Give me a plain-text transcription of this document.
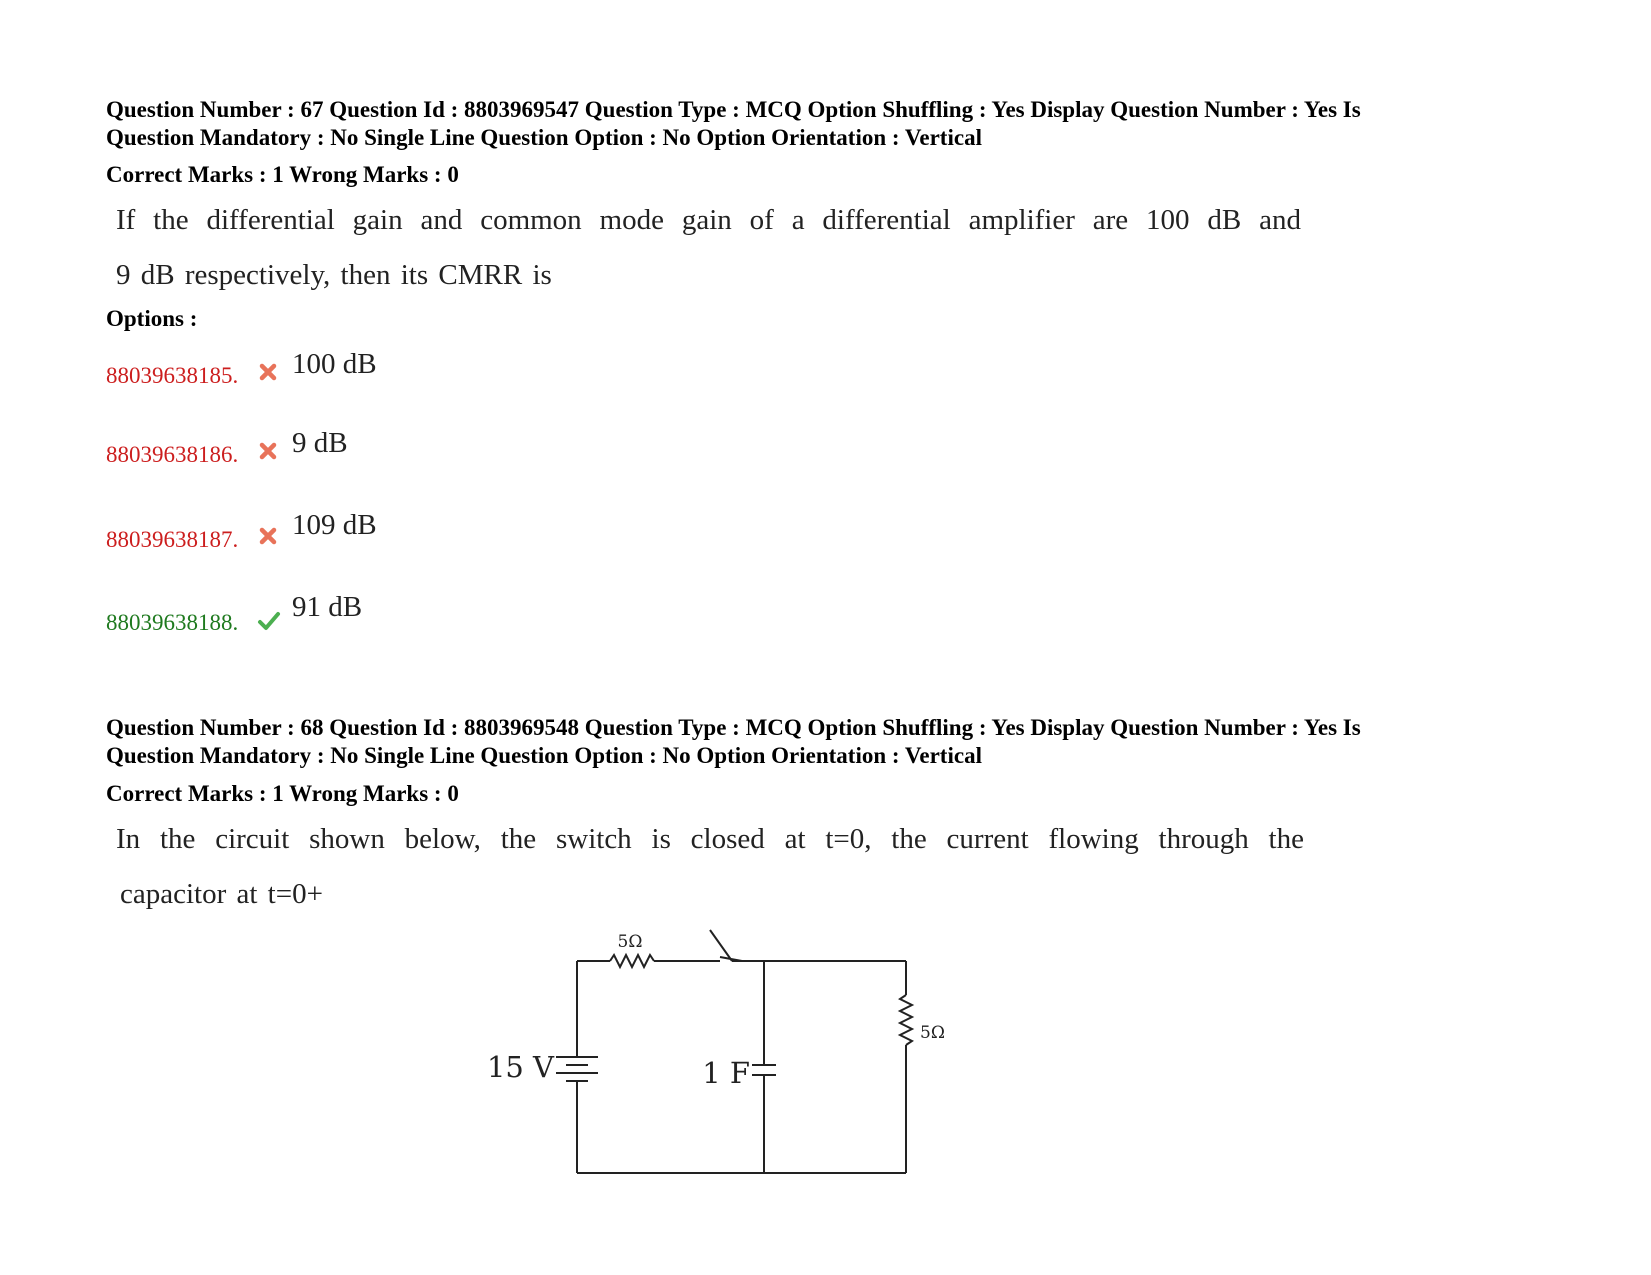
Question Number : 67 Question Id : 8803969547 Question Type : MCQ Option Shuffling : Yes Display Question Number : Yes Is
Question Mandatory : No Single Line Question Option : No Option Orientation : Vertical
Correct Marks : 1 Wrong Marks : 0
If the differential gain and common mode gain of a differential amplifier are 100 dB and
9 dB respectively, then its CMRR is
Options :
88039638185. 100 dB
88039638186. 9 dB
88039638187. 109 dB
88039638188. 91 dB
Question Number : 68 Question Id : 8803969548 Question Type : MCQ Option Shuffling : Yes Display Question Number : Yes Is
Question Mandatory : No Single Line Question Option : No Option Orientation : Vertical
Correct Marks : 1 Wrong Marks : 0
In the circuit shown below, the switch is closed at t=0, the current flowing through the
capacitor at t=0+
5Ω
5Ω
15 V	1 F
